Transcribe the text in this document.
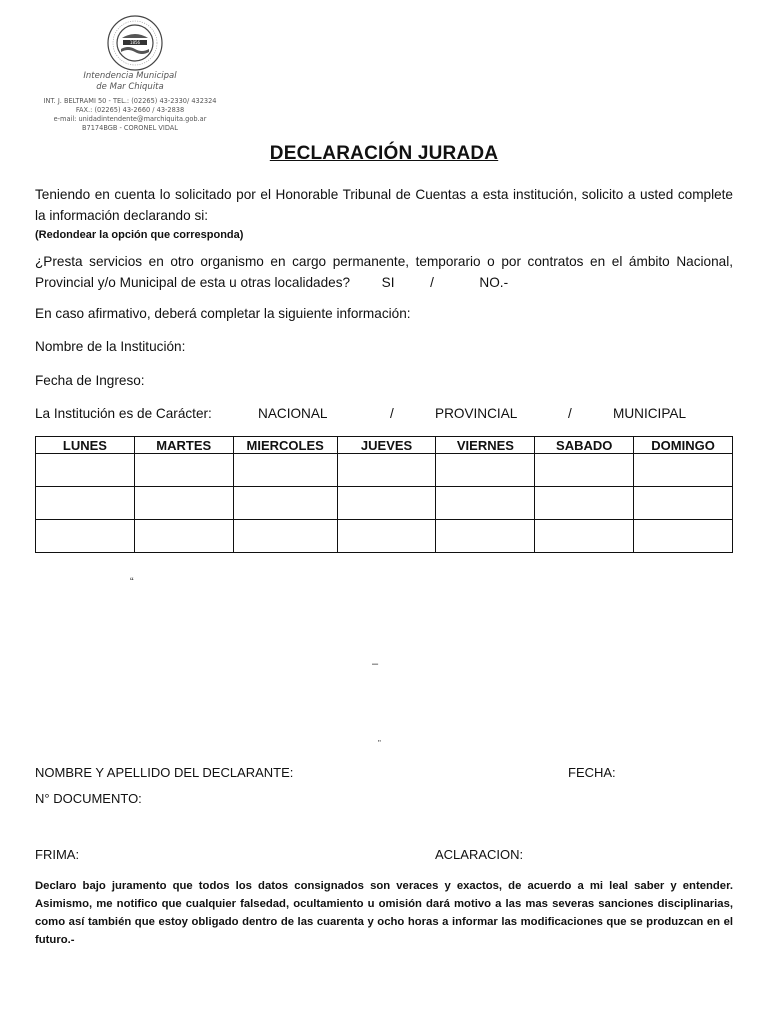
1856
Intendencia Municipal
de Mar Chiquita
INT. J. BELTRAMI 50 - TEL.: (02265) 43-2330/ 432324
FAX.: (02265) 43-2660 / 43-2838
e-mail: unidadintendente@marchiquita.gob.ar
B7174BGB - CORONEL VIDAL
DECLARACIÓN JURADA
Teniendo en cuenta lo solicitado por el Honorable Tribunal de Cuentas a esta institución, solicito a usted complete la información declarando si:
(Redondear la opción que corresponda)
¿Presta servicios en otro organismo en cargo permanente, temporario o por contratos en el ámbito Nacional, Provincial y/o Municipal de esta u otras localidades? SI	/	NO.-
En caso afirmativo, deberá completar la siguiente información:
Nombre de la Institución:
Fecha de Ingreso:
La Institución es de Carácter:	NACIONAL	/	PROVINCIAL	/	MUNICIPAL
LUNES	MARTES	MIERCOLES	JUEVES	VIERNES	SABADO	DOMINGO

“
–
"
NOMBRE Y APELLIDO DEL DECLARANTE:	FECHA:
N° DOCUMENTO:
FRIMA:	ACLARACION:
Declaro bajo juramento que todos los datos consignados son veraces y exactos, de acuerdo a mi leal saber y entender. Asimismo, me notifico que cualquier falsedad, ocultamiento u omisión dará motivo a las mas severas sanciones disciplinarias, como así también que estoy obligado dentro de las cuarenta y ocho horas a informar las modificaciones que se produzcan en el futuro.-
